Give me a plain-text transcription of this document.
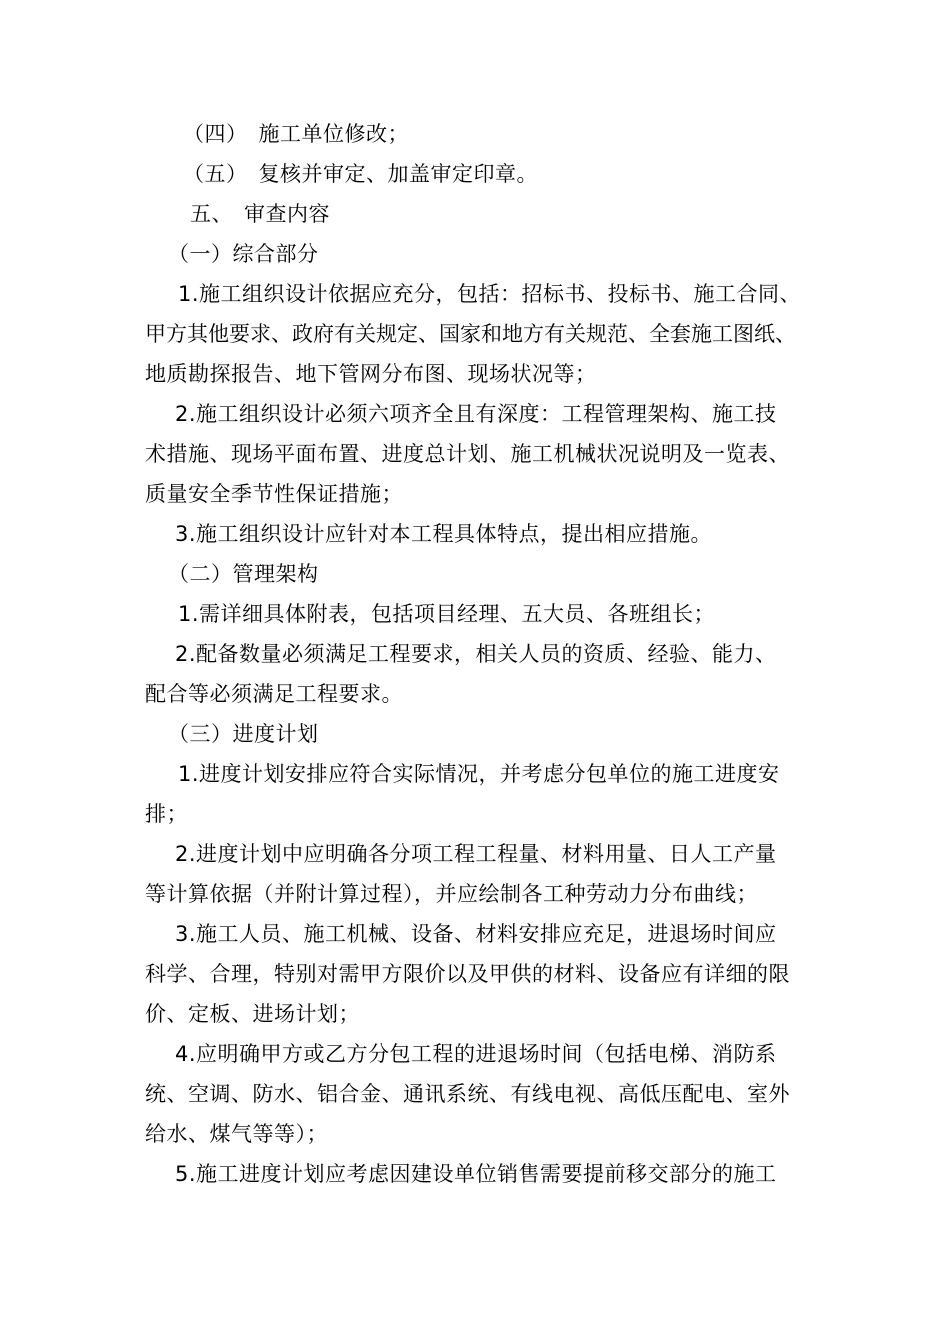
（四）　施工单位修改；
（五）　复核并审定、加盖审定印章。
五、　审查内容
（一）综合部分
1.施工组织设计依据应充分，包括：招标书、投标书、施工合同、
甲方其他要求、政府有关规定、国家和地方有关规范、全套施工图纸、
地质勘探报告、地下管网分布图、现场状况等；
2.施工组织设计必须六项齐全且有深度：工程管理架构、施工技
术措施、现场平面布置、进度总计划、施工机械状况说明及一览表、
质量安全季节性保证措施；
3.施工组织设计应针对本工程具体特点，提出相应措施。
（二）管理架构
1.需详细具体附表，包括项目经理、五大员、各班组长；
2.配备数量必须满足工程要求，相关人员的资质、经验、能力、
配合等必须满足工程要求。
（三）进度计划
1.进度计划安排应符合实际情况，并考虑分包单位的施工进度安
排；
2.进度计划中应明确各分项工程工程量、材料用量、日人工产量
等计算依据（并附计算过程），并应绘制各工种劳动力分布曲线；
3.施工人员、施工机械、设备、材料安排应充足，进退场时间应
科学、合理，特别对需甲方限价以及甲供的材料、设备应有详细的限
价、定板、进场计划；
4.应明确甲方或乙方分包工程的进退场时间（包括电梯、消防系
统、空调、防水、铝合金、通讯系统、有线电视、高低压配电、室外
给水、煤气等等）；
5.施工进度计划应考虑因建设单位销售需要提前移交部分的施工
